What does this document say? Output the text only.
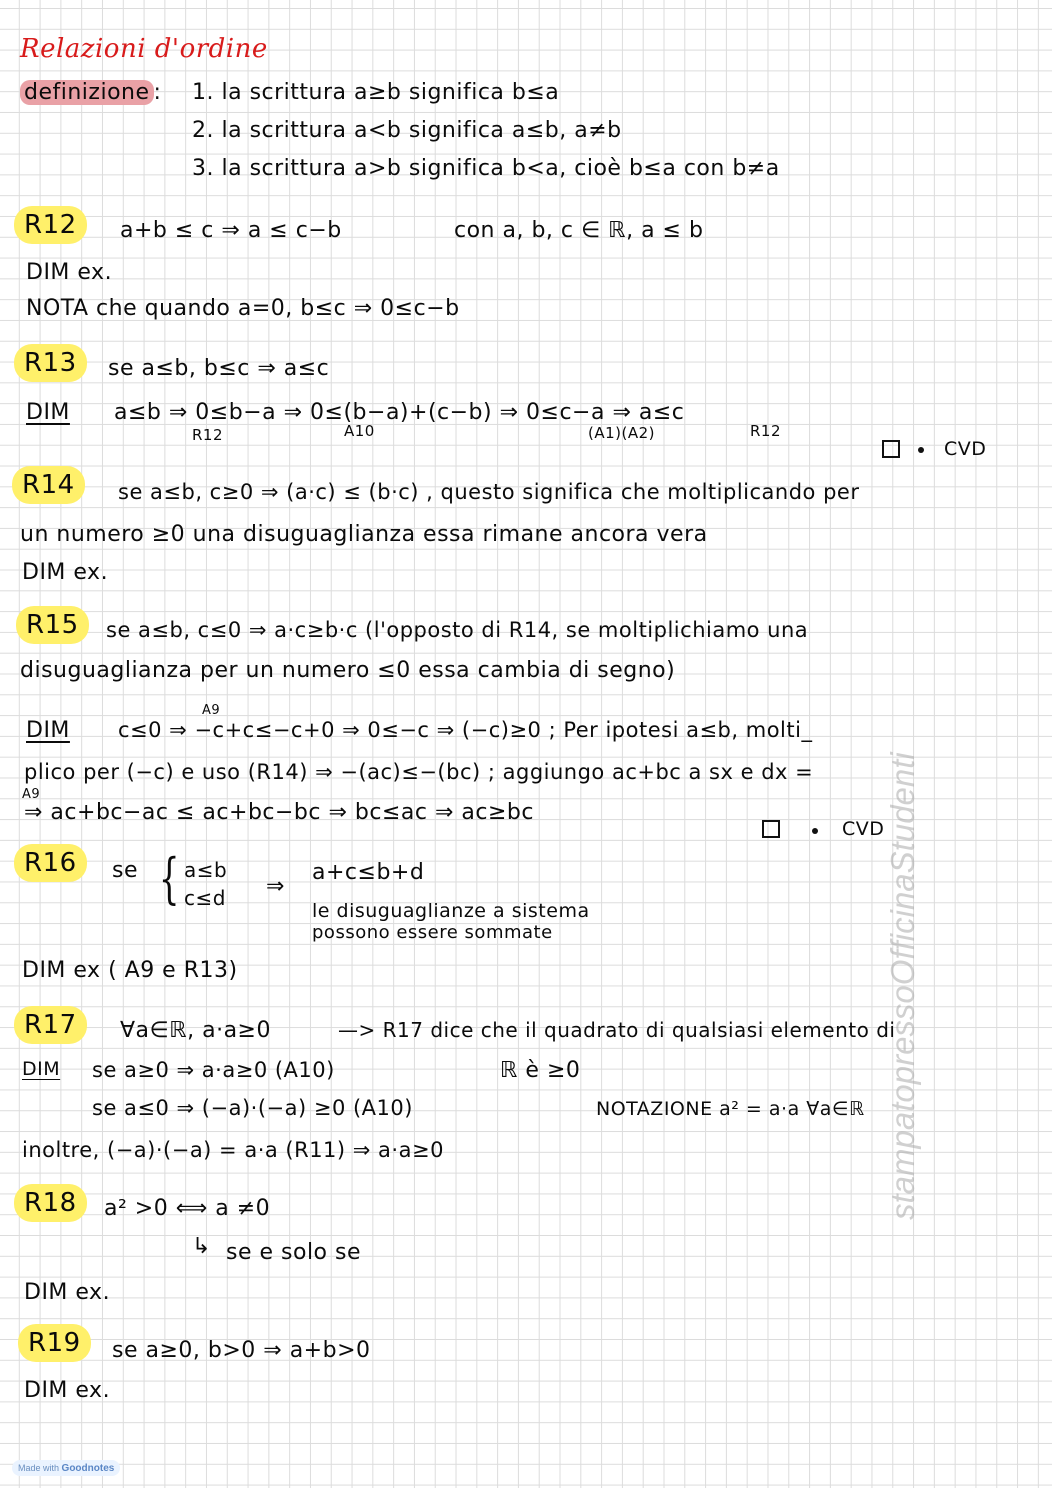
Relazioni d'ordine
definizione : 1. la scrittura a≥b significa b≤a
2. la scrittura a<b significa a≤b, a≠b
3. la scrittura a>b significa b<a, cioè b≤a con b≠a
R12	a+b ≤ c ⇒ a ≤ c−b	con a, b, c ∈ ℝ, a ≤ b
DIM ex.
NOTA che quando a=0, b≤c ⇒ 0≤c−b
R13	se a≤b, b≤c ⇒ a≤c
DIM a≤b ⇒ 0≤b−a ⇒ 0≤(b−a)+(c−b) ⇒ 0≤c−a ⇒ a≤c
R12	A10	(A1)(A2)	R12
CVD
R14	se a≤b, c≥0 ⇒ (a·c) ≤ (b·c) , questo significa che moltiplicando per
un numero ≥0 una disuguaglianza essa rimane ancora vera
DIM ex.
R15	se a≤b, c≤0 ⇒ a·c≥b·c (l'opposto di R14, se moltiplichiamo una
disuguaglianza per un numero ≤0 essa cambia di segno)
DIM
A9
c≤0 ⇒ −c+c≤−c+0 ⇒ 0≤−c ⇒ (−c)≥0 ; Per ipotesi a≤b, molti_
plico per (−c) e uso (R14) ⇒ −(ac)≤−(bc) ; aggiungo ac+bc a sx e dx =
A9
⇒ ac+bc−ac ≤ ac+bc−bc ⇒ bc≤ac ⇒ ac≥bc
CVD
R16	se { a≤b
c≤d ⇒
a+c≤b+d
le disuguaglianze a sistema
possono essere sommate
DIM ex ( A9 e R13)
R17	∀a∈ℝ, a·a≥0	—> R17 dice che il quadrato di qualsiasi elemento di
ℝ è ≥0
DIM se a≥0 ⇒ a·a≥0 (A10)
se a≤0 ⇒ (−a)·(−a) ≥0 (A10)	NOTAZIONE a² = a·a ∀a∈ℝ
inoltre, (−a)·(−a) = a·a (R11) ⇒ a·a≥0
R18	a² >0 ⟺ a ≠0
↳ se e solo se
DIM ex.
R19	se a≥0, b>0 ⇒ a+b>0
DIM ex.
stampatopressoOfficinaStudenti
Made with Goodnotes
